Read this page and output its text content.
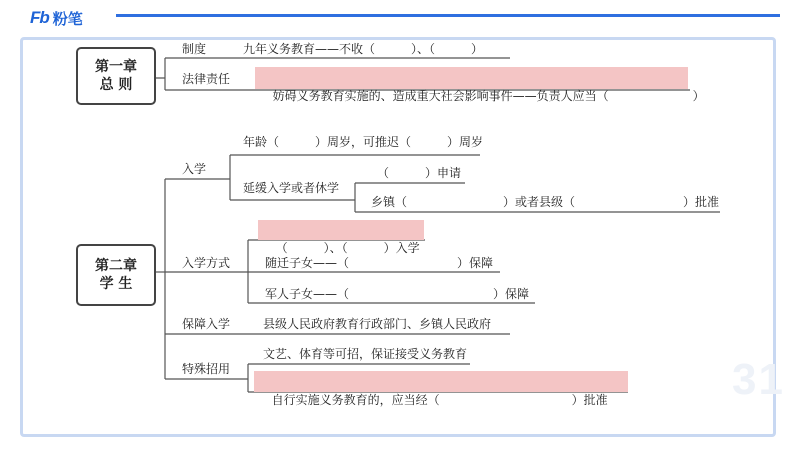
Fb 粉笔
31
第一章
总 则
制度	九年义务教育——不收（　　　）、（　　　）
法律责任

妨碍义务教育实施的、造成重大社会影响事件——负责人应当（　　　　　　　）

第二章
学 生
入学
年龄（　　　）周岁，可推迟（　　　）周岁
延缓入学或者休学
（　　　）申请
乡镇（　　　　　　　　）或者县级（　　　　　　　　　）批准

（　　　）、（　　　）入学

入学方式	随迁子女——（　　　　　　　　　）保障
军人子女——（　　　　　　　　　　　　）保障
保障入学	县级人民政府教育行政部门、乡镇人民政府
特殊招用
文艺、体育等可招，保证接受义务教育

自行实施义务教育的，应当经（　　　　　　　　　　　）批准
